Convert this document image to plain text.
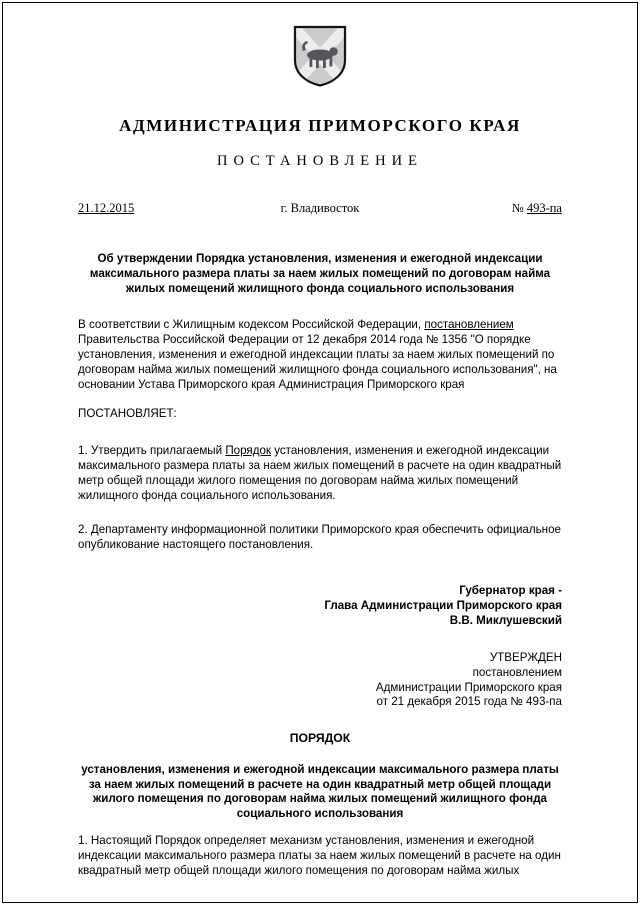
АДМИНИСТРАЦИЯ ПРИМОРСКОГО КРАЯ
ПОСТАНОВЛЕНИЕ
21.12.2015	г. Владивосток	№ 493-па
Об утверждении Порядка установления, изменения и ежегодной индексации максимального размера платы за наем жилых помещений по договорам найма жилых помещений жилищного фонда социального использования

В соответствии с Жилищным кодексом Российской Федерации, постановлением Правительства Российской Федерации от 12 декабря 2014 года № 1356 "О порядке установления, изменения и ежегодной индексации платы за наем жилых помещений по договорам найма жилых помещений жилищного фонда социального использования", на основании Устава Приморского края Администрация Приморского края

ПОСТАНОВЛЯЕТ:

1. Утвердить прилагаемый Порядок установления, изменения и ежегодной индексации максимального размера платы за наем жилых помещений в расчете на один квадратный метр общей площади жилого помещения по договорам найма жилых помещений жилищного фонда социального использования.

2. Департаменту информационной политики Приморского края обеспечить официальное опубликование настоящего постановления.

Губернатор края -
Глава Администрации Приморского края
В.В. Миклушевский
УТВЕРЖДЕН
постановлением
Администрации Приморского края
от 21 декабря 2015 года № 493-па
ПОРЯДОК
установления, изменения и ежегодной индексации максимального размера платы за наем жилых помещений в расчете на один квадратный метр общей площади жилого помещения по договорам найма жилых помещений жилищного фонда социального использования

1. Настоящий Порядок определяет механизм установления, изменения и ежегодной индексации максимального размера платы за наем жилых помещений в расчете на один квадратный метр общей площади жилого помещения по договорам найма жилых
